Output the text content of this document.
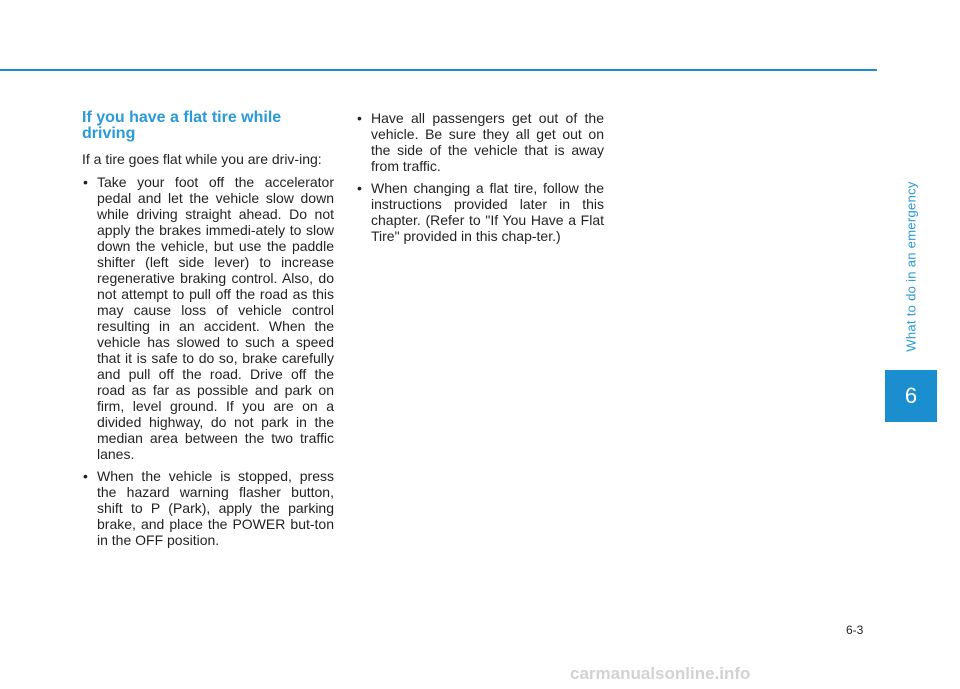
If you have a flat tire while driving

If a tire goes flat while you are driv-ing:

• Take your foot off the accelerator pedal and let the vehicle slow down while driving straight ahead. Do not apply the brakes immedi-ately to slow down the vehicle, but use the paddle shifter (left side lever) to increase regenerative braking control. Also, do not attempt to pull off the road as this may cause loss of vehicle control resulting in an accident. When the vehicle has slowed to such a speed that it is safe to do so, brake carefully and pull off the road. Drive off the road as far as possible and park on firm, level ground. If you are on a divided highway, do not park in the median area between the two traffic lanes.
• When the vehicle is stopped, press the hazard warning flasher button, shift to P (Park), apply the parking brake, and place the POWER but-ton in the OFF position.
• Have all passengers get out of the vehicle. Be sure they all get out on the side of the vehicle that is away from traffic.
• When changing a flat tire, follow the instructions provided later in this chapter. (Refer to "If You Have a Flat Tire" provided in this chap-ter.)	What to do in an emergency
6
6-3
carmanualsonline.info
